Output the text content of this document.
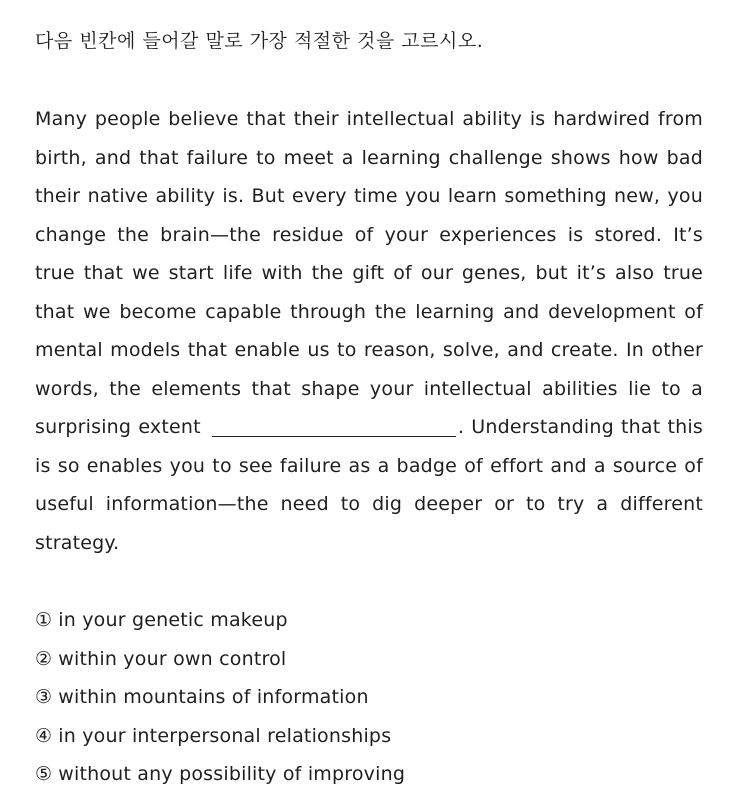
다음 빈칸에 들어갈 말로 가장 적절한 것을 고르시오.
Many people believe that their intellectual ability is hardwired from birth, and that failure to meet a learning challenge shows how bad their native ability is. But every time you learn something new, you change the brain—the residue of your experiences is stored. It’s true that we start life with the gift of our genes, but it’s also true that we become capable through the learning and development of mental models that enable us to reason, solve, and create. In other words, the elements that shape your intellectual abilities lie to a surprising extent	. Understanding that this is so enables you to see failure as a badge of effort and a source of useful information—the need to dig deeper or to try a different strategy.
① in your genetic makeup
② within your own control
③ within mountains of information
④ in your interpersonal relationships
⑤ without any possibility of improving
